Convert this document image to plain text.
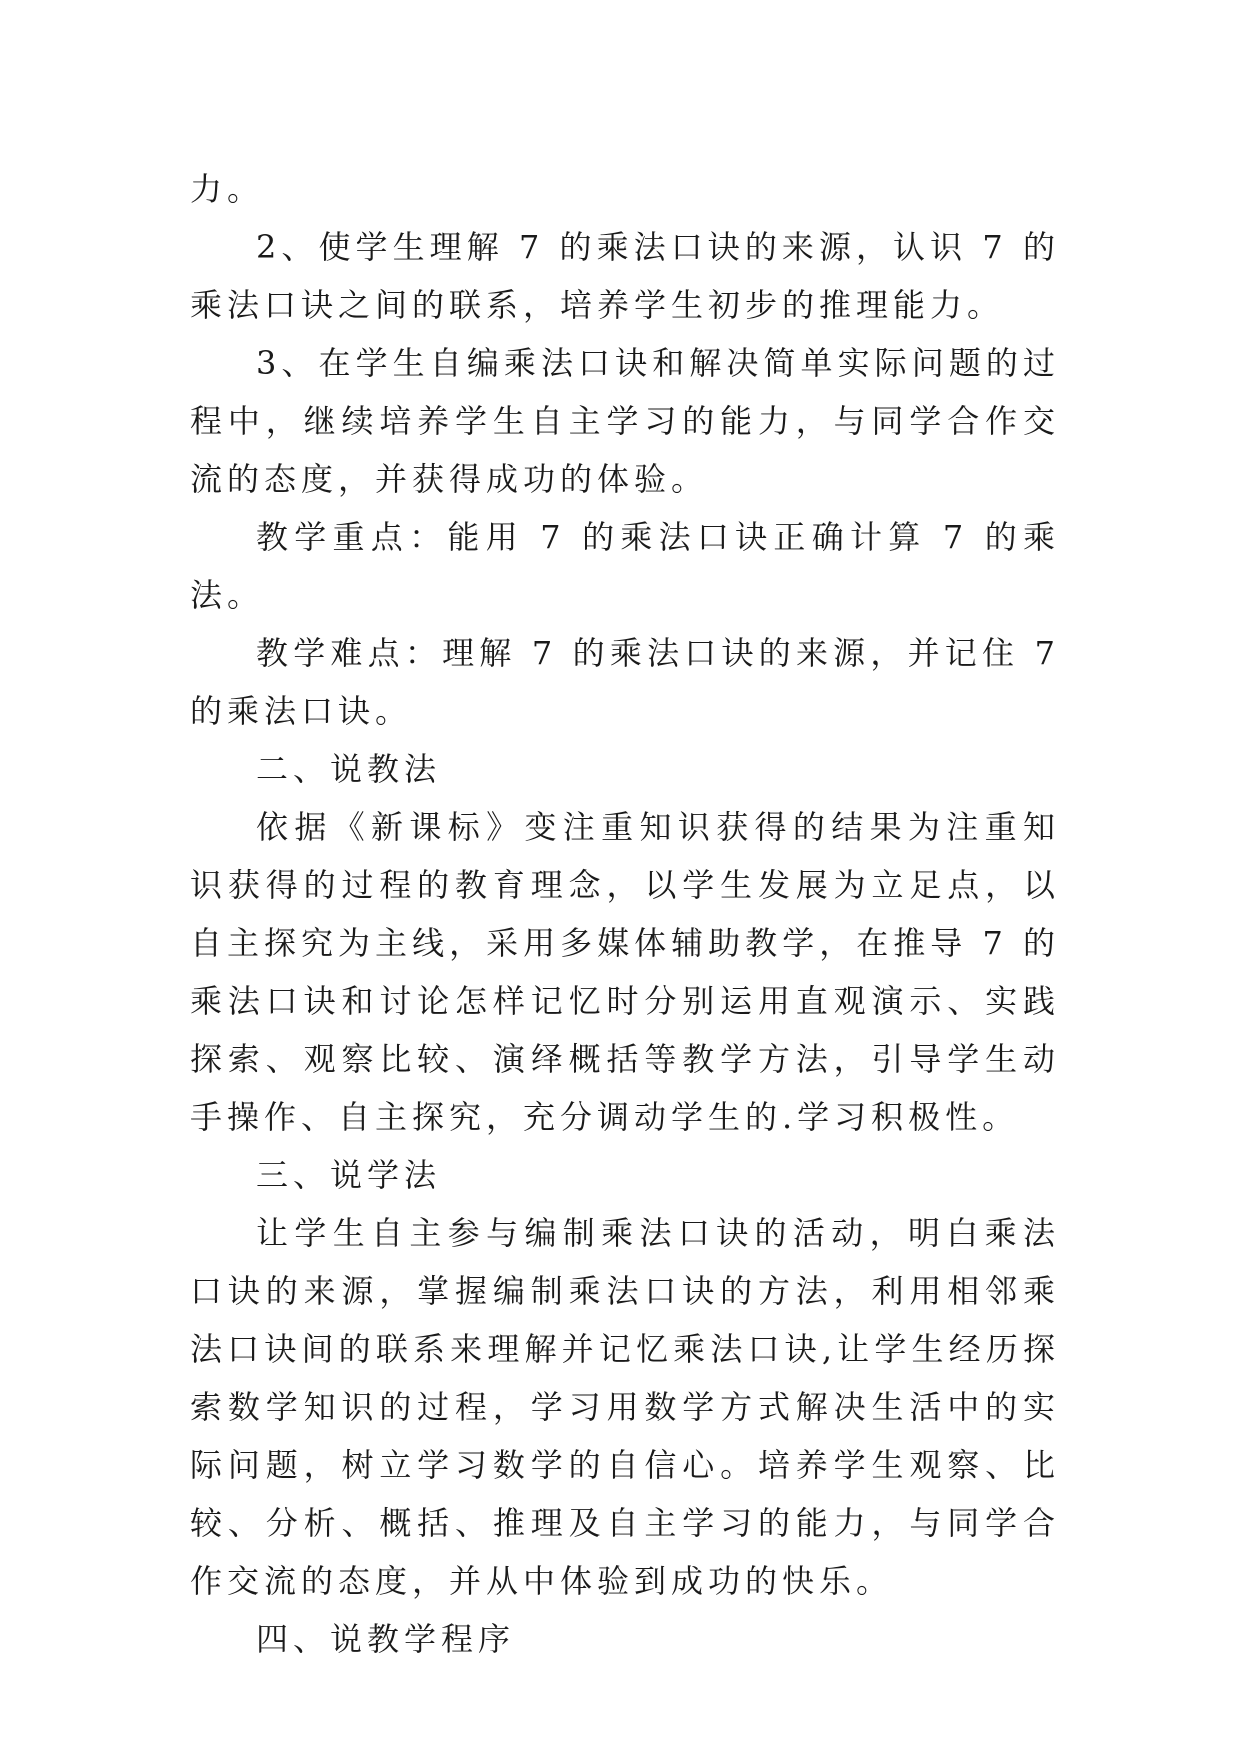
力。

2、使学生理解 7 的乘法口诀的来源，认识 7 的乘法口诀之间的联系，培养学生初步的推理能力。

3、在学生自编乘法口诀和解决简单实际问题的过程中，继续培养学生自主学习的能力，与同学合作交流的态度，并获得成功的体验。

教学重点：能用 7 的乘法口诀正确计算 7 的乘法。

教学难点：理解 7 的乘法口诀的来源，并记住 7 的乘法口诀。

二、说教法

依据《新课标》变注重知识获得的结果为注重知识获得的过程的教育理念，以学生发展为立足点，以自主探究为主线，采用多媒体辅助教学，在推导 7 的乘法口诀和讨论怎样记忆时分别运用直观演示、实践探索、观察比较、演绎概括等教学方法，引导学生动手操作、自主探究，充分调动学生的.学习积极性。

三、说学法

让学生自主参与编制乘法口诀的活动，明白乘法口诀的来源，掌握编制乘法口诀的方法，利用相邻乘法口诀间的联系来理解并记忆乘法口诀,让学生经历探索数学知识的过程，学习用数学方式解决生活中的实际问题，树立学习数学的自信心。培养学生观察、比较、分析、概括、推理及自主学习的能力，与同学合作交流的态度，并从中体验到成功的快乐。

四、说教学程序
